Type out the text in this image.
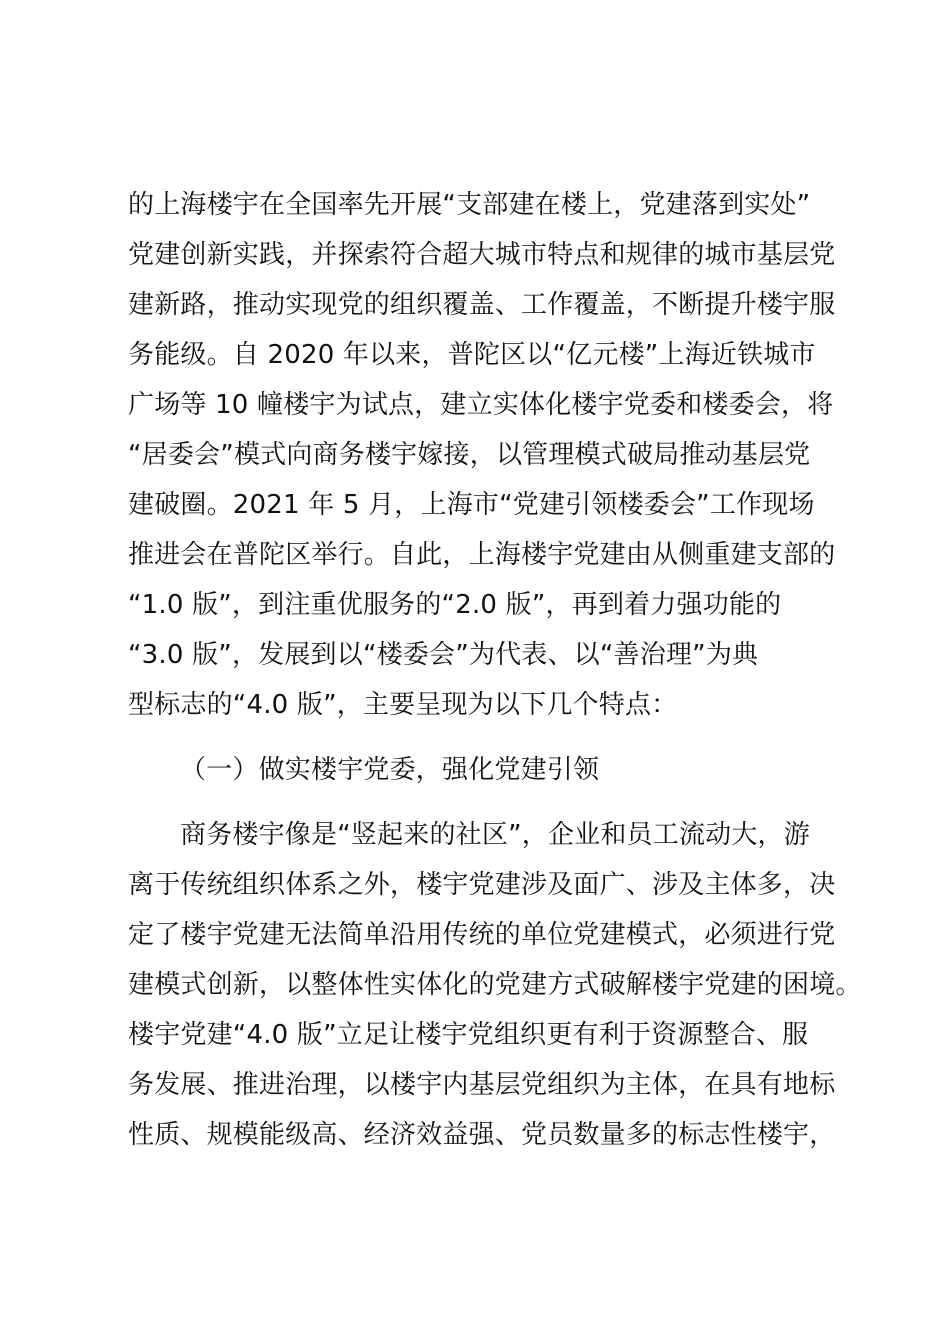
的上海楼宇在全国率先开展“支部建在楼上，党建落到实处”
党建创新实践，并探索符合超大城市特点和规律的城市基层党
建新路，推动实现党的组织覆盖、工作覆盖，不断提升楼宇服
务能级。自 2020 年以来，普陀区以“亿元楼”上海近铁城市
广场等 10 幢楼宇为试点，建立实体化楼宇党委和楼委会，将
“居委会”模式向商务楼宇嫁接，以管理模式破局推动基层党
建破圈。2021 年 5 月，上海市“党建引领楼委会”工作现场
推进会在普陀区举行。自此，上海楼宇党建由从侧重建支部的
“1.0 版”，到注重优服务的“2.0 版”，再到着力强功能的
“3.0 版”，发展到以“楼委会”为代表、以“善治理”为典
型标志的“4.0 版”，主要呈现为以下几个特点：
（一）做实楼宇党委，强化党建引领
商务楼宇像是“竖起来的社区”，企业和员工流动大，游
离于传统组织体系之外，楼宇党建涉及面广、涉及主体多，决
定了楼宇党建无法简单沿用传统的单位党建模式，必须进行党
建模式创新，以整体性实体化的党建方式破解楼宇党建的困境。
楼宇党建“4.0 版”立足让楼宇党组织更有利于资源整合、服
务发展、推进治理，以楼宇内基层党组织为主体，在具有地标
性质、规模能级高、经济效益强、党员数量多的标志性楼宇，
